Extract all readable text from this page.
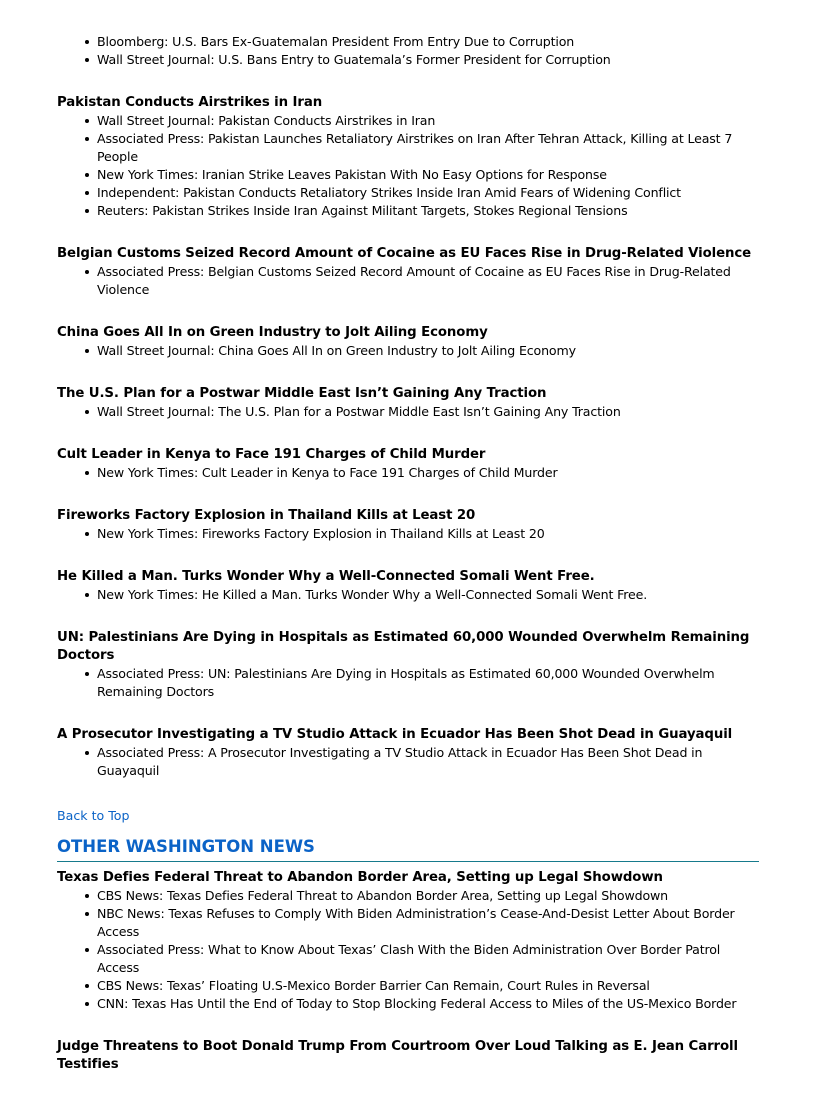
Bloomberg: U.S. Bars Ex-Guatemalan President From Entry Due to Corruption
Wall Street Journal: U.S. Bans Entry to Guatemala’s Former President for Corruption
Pakistan Conducts Airstrikes in Iran
Wall Street Journal: Pakistan Conducts Airstrikes in Iran
Associated Press: Pakistan Launches Retaliatory Airstrikes on Iran After Tehran Attack, Killing at Least 7 People
New York Times: Iranian Strike Leaves Pakistan With No Easy Options for Response
Independent: Pakistan Conducts Retaliatory Strikes Inside Iran Amid Fears of Widening Conflict
Reuters: Pakistan Strikes Inside Iran Against Militant Targets, Stokes Regional Tensions
Belgian Customs Seized Record Amount of Cocaine as EU Faces Rise in Drug-Related Violence
Associated Press: Belgian Customs Seized Record Amount of Cocaine as EU Faces Rise in Drug-Related Violence
China Goes All In on Green Industry to Jolt Ailing Economy
Wall Street Journal: China Goes All In on Green Industry to Jolt Ailing Economy
The U.S. Plan for a Postwar Middle East Isn’t Gaining Any Traction
Wall Street Journal: The U.S. Plan for a Postwar Middle East Isn’t Gaining Any Traction
Cult Leader in Kenya to Face 191 Charges of Child Murder
New York Times: Cult Leader in Kenya to Face 191 Charges of Child Murder
Fireworks Factory Explosion in Thailand Kills at Least 20
New York Times: Fireworks Factory Explosion in Thailand Kills at Least 20
He Killed a Man. Turks Wonder Why a Well-Connected Somali Went Free.
New York Times: He Killed a Man. Turks Wonder Why a Well-Connected Somali Went Free.
UN: Palestinians Are Dying in Hospitals as Estimated 60,000 Wounded Overwhelm Remaining Doctors
Associated Press: UN: Palestinians Are Dying in Hospitals as Estimated 60,000 Wounded Overwhelm Remaining Doctors
A Prosecutor Investigating a TV Studio Attack in Ecuador Has Been Shot Dead in Guayaquil
Associated Press: A Prosecutor Investigating a TV Studio Attack in Ecuador Has Been Shot Dead in Guayaquil
Back to Top
OTHER WASHINGTON NEWS
Texas Defies Federal Threat to Abandon Border Area, Setting up Legal Showdown
CBS News: Texas Defies Federal Threat to Abandon Border Area, Setting up Legal Showdown
NBC News: Texas Refuses to Comply With Biden Administration’s Cease-And-Desist Letter About Border Access
Associated Press: What to Know About Texas’ Clash With the Biden Administration Over Border Patrol Access
CBS News: Texas’ Floating U.S-Mexico Border Barrier Can Remain, Court Rules in Reversal
CNN: Texas Has Until the End of Today to Stop Blocking Federal Access to Miles of the US-Mexico Border
Judge Threatens to Boot Donald Trump From Courtroom Over Loud Talking as E. Jean Carroll Testifies
